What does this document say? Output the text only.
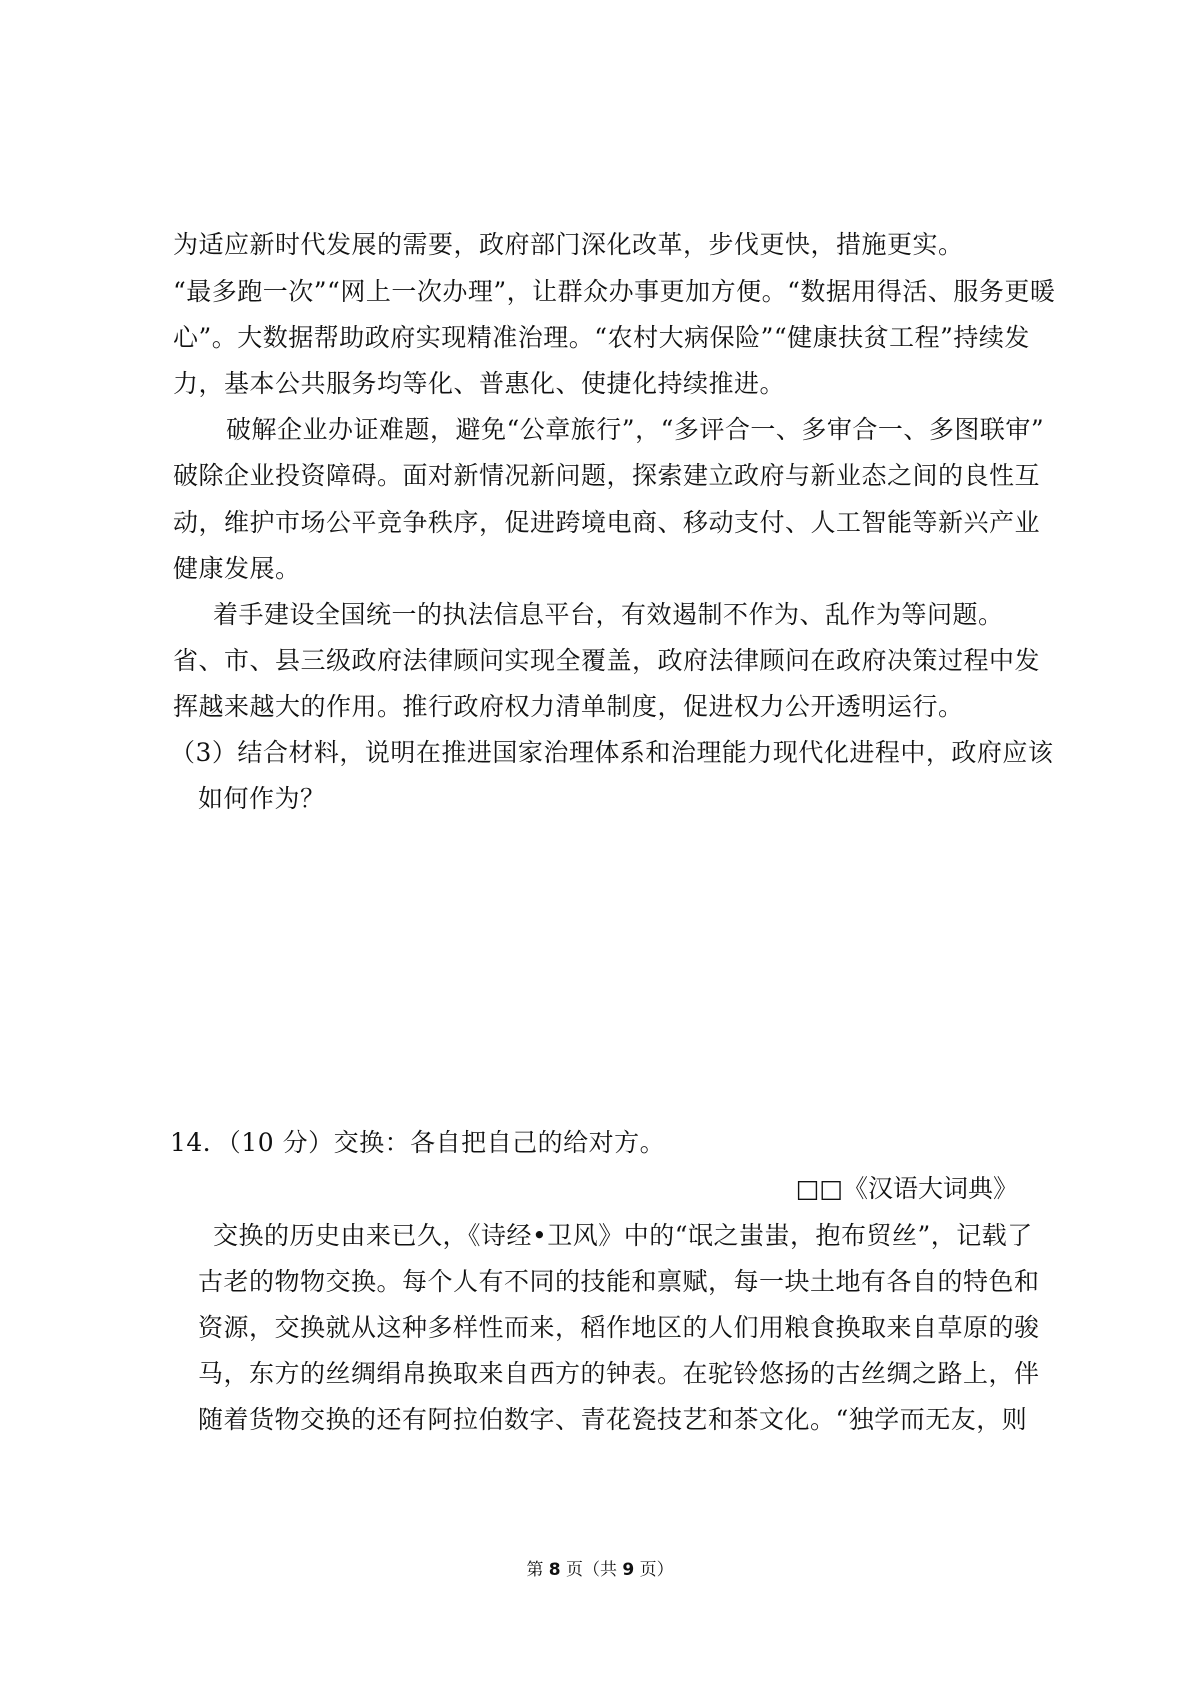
为适应新时代发展的需要，政府部门深化改革，步伐更快，措施更实。
“最多跑一次”“网上一次办理”，让群众办事更加方便。“数据用得活、服务更暖
心”。大数据帮助政府实现精准治理。“农村大病保险”“健康扶贫工程”持续发
力，基本公共服务均等化、普惠化、使捷化持续推进。
破解企业办证难题，避免“公章旅行”，“多评合一、多审合一、多图联审”
破除企业投资障碍。面对新情况新问题，探索建立政府与新业态之间的良性互
动，维护市场公平竞争秩序，促进跨境电商、移动支付、人工智能等新兴产业
健康发展。
着手建设全国统一的执法信息平台，有效遏制不作为、乱作为等问题。
省、市、县三级政府法律顾问实现全覆盖，政府法律顾问在政府决策过程中发
挥越来越大的作用。推行政府权力清单制度，促进权力公开透明运行。
（3）结合材料，说明在推进国家治理体系和治理能力现代化进程中，政府应该
如何作为？
14．（10 分）交换：各自把自己的给对方。
□□《汉语大词典》
交换的历史由来已久，《诗经•卫风》中的“氓之蚩蚩，抱布贸丝”，记载了
古老的物物交换。每个人有不同的技能和禀赋，每一块土地有各自的特色和
资源，交换就从这种多样性而来，稻作地区的人们用粮食换取来自草原的骏
马，东方的丝绸绢帛换取来自西方的钟表。在驼铃悠扬的古丝绸之路上，伴
随着货物交换的还有阿拉伯数字、青花瓷技艺和茶文化。“独学而无友，则
第 8 页（共 9 页）
